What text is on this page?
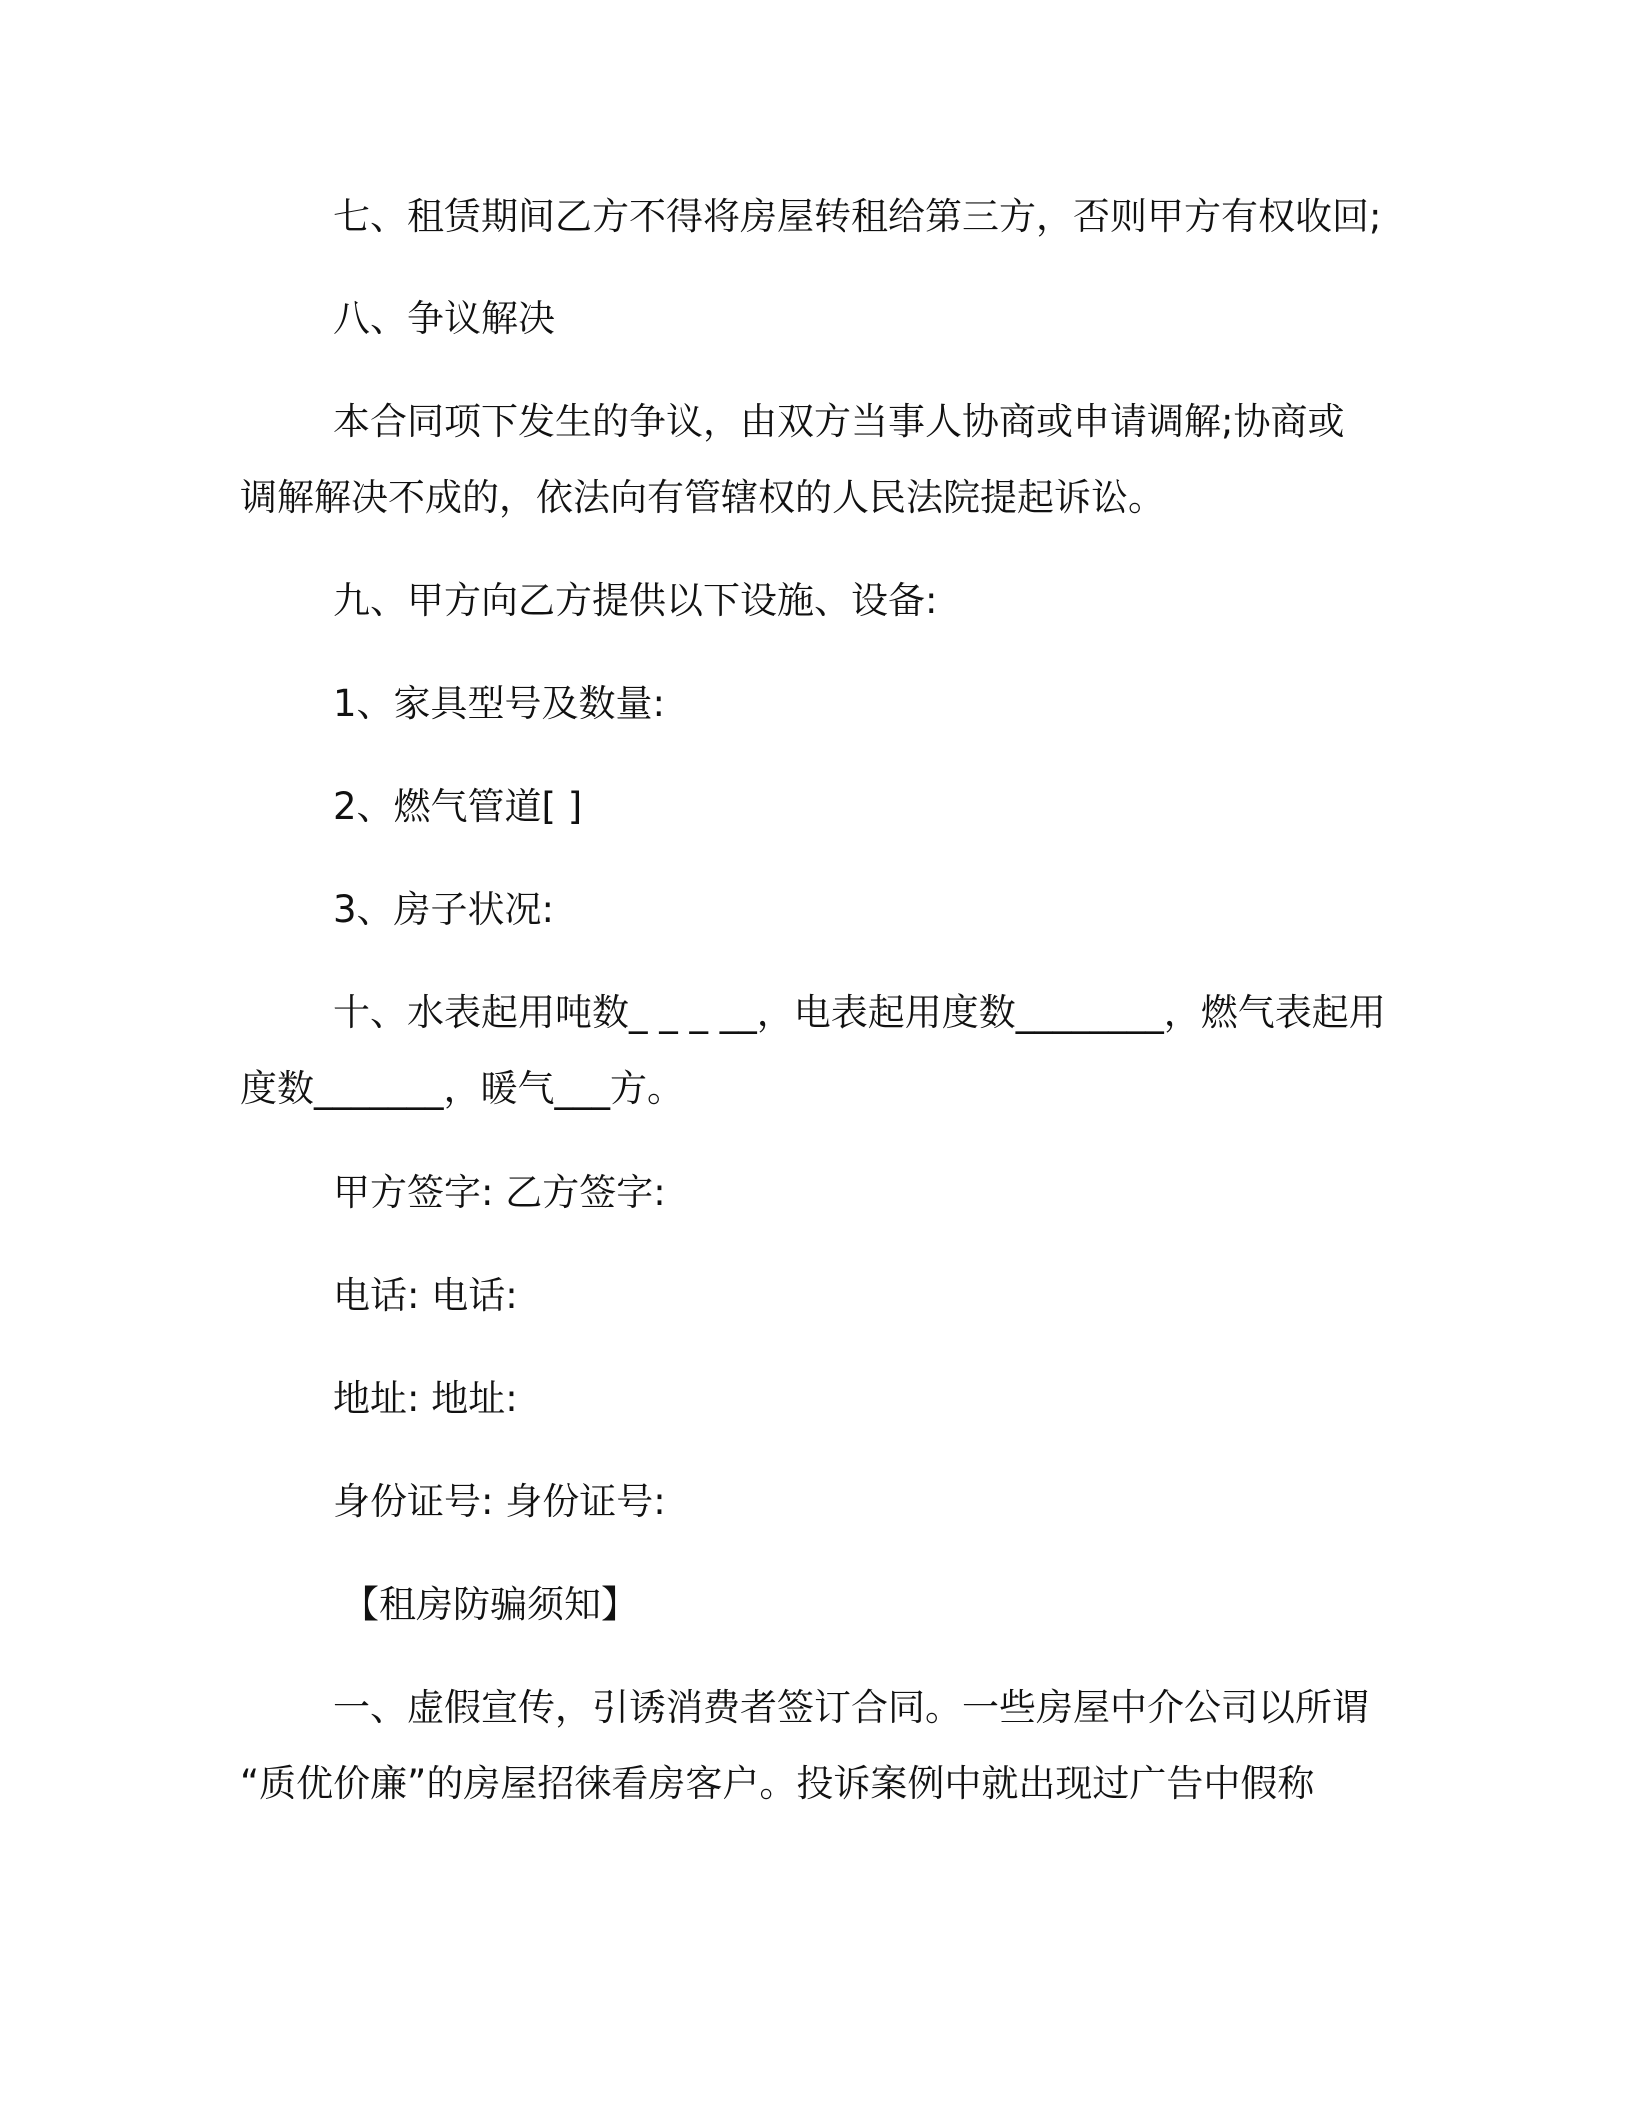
七、租赁期间乙方不得将房屋转租给第三方，否则甲方有权收回;
八、争议解决
本合同项下发生的争议，由双方当事人协商或申请调解;协商或
调解解决不成的，依法向有管辖权的人民法院提起诉讼。
九、甲方向乙方提供以下设施、设备:
1、家具型号及数量:
2、燃气管道[ ]
3、房子状况:
十、水表起用吨数_ _ _ __，电表起用度数________，燃气表起用
度数_______，暖气___方。
甲方签字: 乙方签字:
电话: 电话:
地址: 地址:
身份证号: 身份证号:
【租房防骗须知】
一、虚假宣传，引诱消费者签订合同。一些房屋中介公司以所谓
“质优价廉”的房屋招徕看房客户。投诉案例中就出现过广告中假称
